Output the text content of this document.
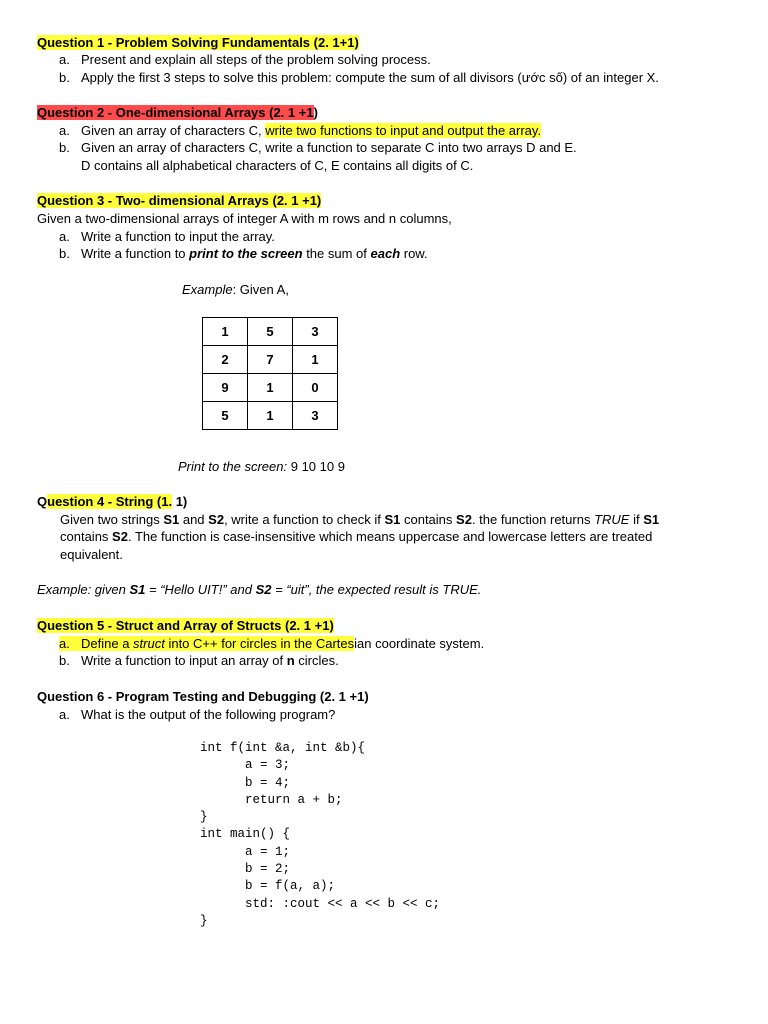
Question 1 - Problem Solving Fundamentals (2. 1+1)
a. Present and explain all steps of the problem solving process.
b. Apply the first 3 steps to solve this problem: compute the sum of all divisors (ước số) of an integer X.
Question 2 - One-dimensional Arrays (2. 1 +1)
a. Given an array of characters C, write two functions to input and output the array.
b. Given an array of characters C, write a function to separate C into two arrays D and E.
D contains all alphabetical characters of C, E contains all digits of C.
Question 3 - Two- dimensional Arrays (2. 1 +1)
Given a two-dimensional arrays of integer A with m rows and n columns,
a. Write a function to input the array.
b. Write a function to print to the screen the sum of each row.
Example: Given A,
1	5	3
2	7	1
9	1	0
5	1	3
Print to the screen: 9 10 10 9
Question 4 - String (1. 1)
Given two strings S1 and S2, write a function to check if S1 contains S2. the function returns TRUE if S1
contains S2. The function is case-insensitive which means uppercase and lowercase letters are treated
equivalent.
Example: given S1 = “Hello UIT!” and S2 = “uit”, the expected result is TRUE.
Question 5 - Struct and Array of Structs (2. 1 +1)
a. Define a struct into C++ for circles in the Cartesian coordinate system.
b. Write a function to input an array of n circles.
Question 6 - Program Testing and Debugging (2. 1 +1)
a. What is the output of the following program?
int f(int &a, int &b){
a = 3;
b = 4;
return a + b;
}
int main() {
a = 1;
b = 2;
b = f(a, a);
std: :cout << a << b << c;
}
